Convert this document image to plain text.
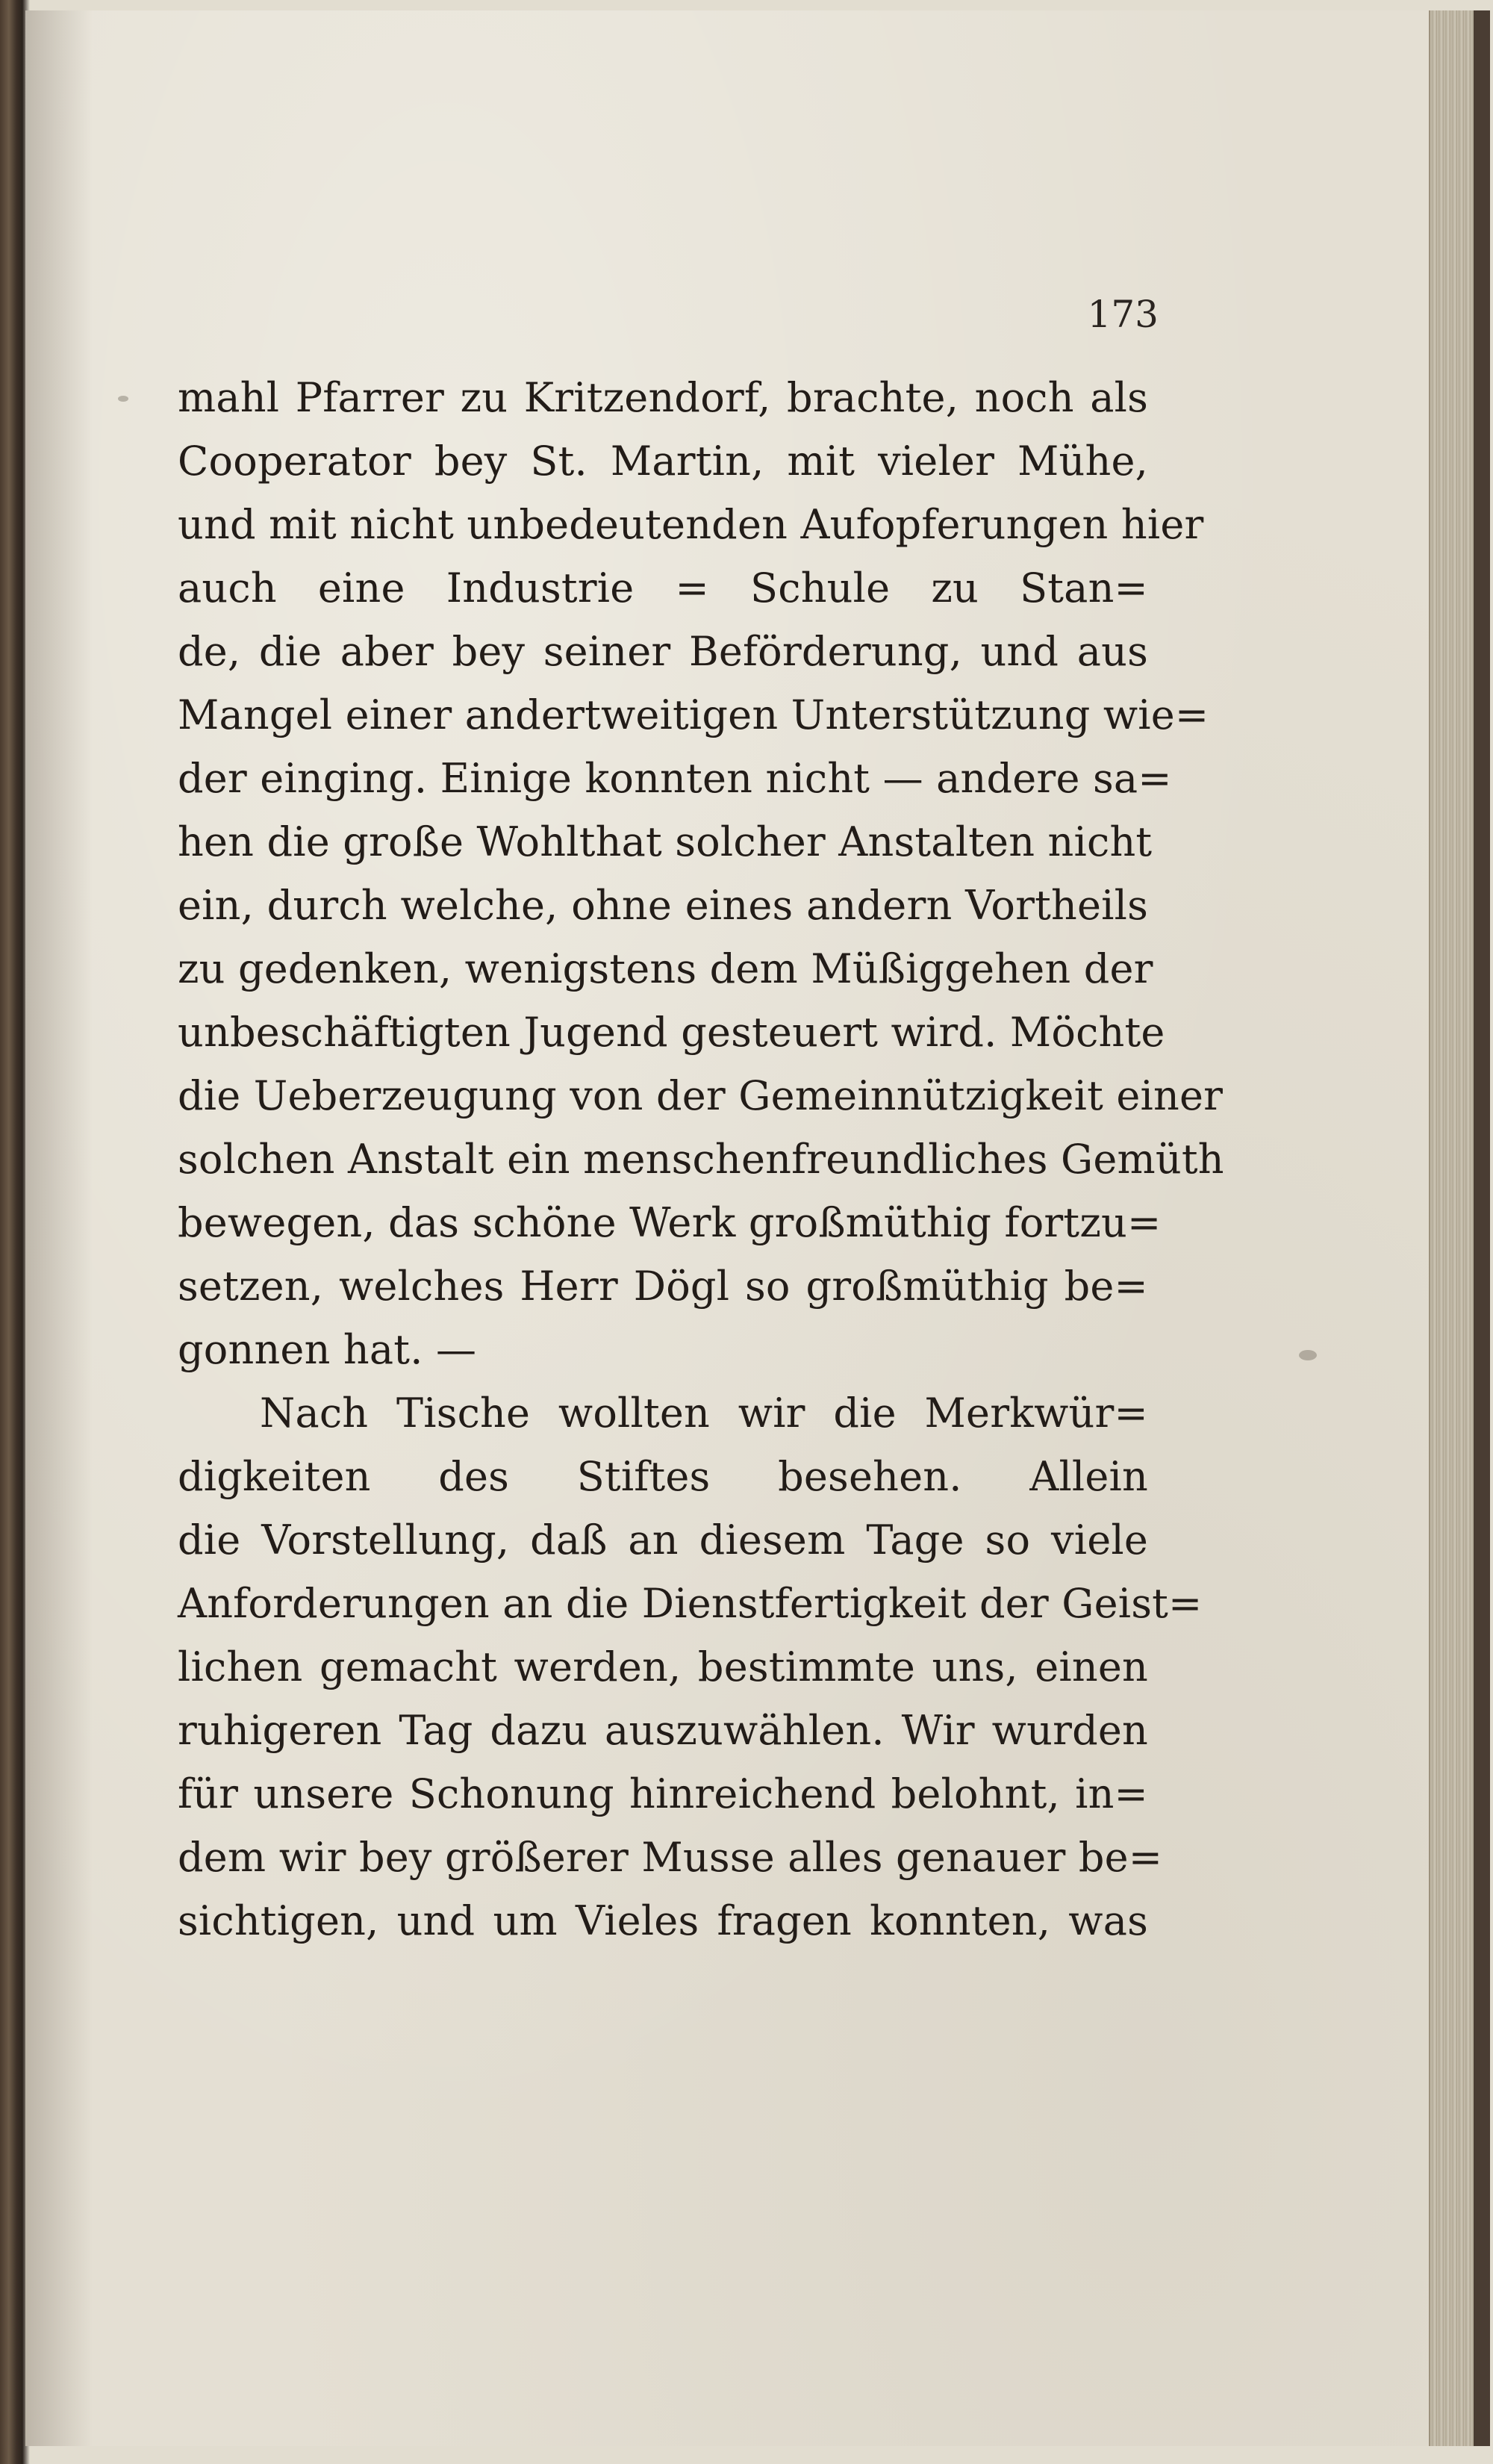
173
mahl Pfarrer zu Kritzendorf, brachte, noch als
Cooperator bey St. Martin, mit vieler Mühe,
und mit nicht unbedeutenden Aufopferungen hier
auch eine Industrie = Schule zu Stan=
de, die aber bey seiner Beförderung, und aus
Mangel einer andertweitigen Unterstützung wie=
der einging. Einige konnten nicht — andere sa=
hen die große Wohlthat solcher Anstalten nicht
ein, durch welche, ohne eines andern Vortheils
zu gedenken, wenigstens dem Müßiggehen der
unbeschäftigten Jugend gesteuert wird. Möchte
die Ueberzeugung von der Gemeinnützigkeit einer
solchen Anstalt ein menschenfreundliches Gemüth
bewegen, das schöne Werk großmüthig fortzu=
setzen, welches Herr Dögl so großmüthig be=
gonnen hat. —
Nach Tische wollten wir die Merkwür=
digkeiten des Stiftes besehen. Allein
die Vorstellung, daß an diesem Tage so viele
Anforderungen an die Dienstfertigkeit der Geist=
lichen gemacht werden, bestimmte uns, einen
ruhigeren Tag dazu auszuwählen. Wir wurden
für unsere Schonung hinreichend belohnt, in=
dem wir bey größerer Musse alles genauer be=
sichtigen, und um Vieles fragen konnten, was
